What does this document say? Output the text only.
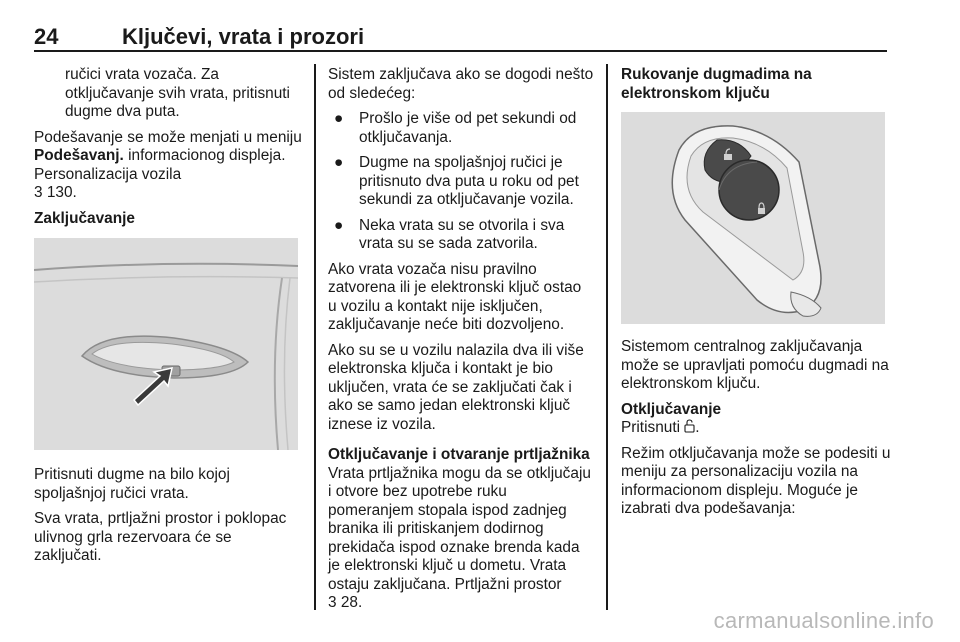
24	Ključevi, vrata i prozori

ručici vrata vozača. Za otključavanje svih vrata, pritisnuti dugme dva puta.

Podešavanje se može menjati u meniju Podešavanj. informacionog displeja. Personalizacija vozila
3 130.

Zaključavanje

Pritisnuti dugme na bilo kojoj spoljašnjoj ručici vrata.

Sva vrata, prtljažni prostor i poklopac ulivnog grla rezervoara će se zaključati.

Sistem zaključava ako se dogodi nešto od sledećeg:

●	Prošlo je više od pet sekundi od otključavanja.
●	Dugme na spoljašnjoj ručici je pritisnuto dva puta u roku od pet sekundi za otključavanje vozila.
●	Neka vrata su se otvorila i sva vrata su se sada zatvorila.

Ako vrata vozača nisu pravilno zatvorena ili je elektronski ključ ostao u vozilu a kontakt nije isključen, zaključavanje neće biti dozvoljeno.

Ako su se u vozilu nalazila dva ili više elektronska ključa i kontakt je bio uključen, vrata će se zaključati čak i ako se samo jedan elektronski ključ iznese iz vozila.

Otključavanje i otvaranje prtljažnika

Vrata prtljažnika mogu da se otključaju i otvore bez upotrebe ruku pomeranjem stopala ispod zadnjeg branika ili pritiskanjem dodirnog prekidača ispod oznake brenda kada je elektronski ključ u dometu. Vrata ostaju zaključana. Prtljažni prostor
3 28.

Rukovanje dugmadima na elektronskom ključu

Sistemom centralnog zaključavanja može se upravljati pomoću dugmadi na elektronskom ključu.

Otključavanje

Pritisnuti .

Režim otključavanja može se podesiti u meniju za personalizaciju vozila na informacionom displeju. Moguće je izabrati dva podešavanja:

carmanualsonline.info
